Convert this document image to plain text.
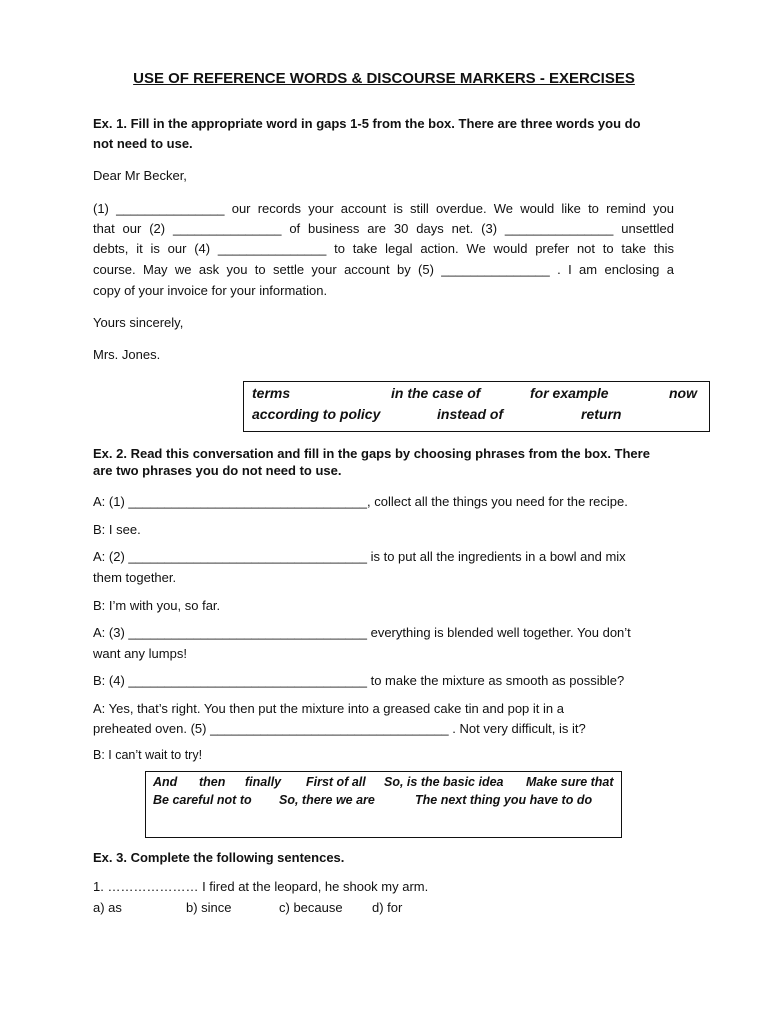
USE OF REFERENCE WORDS & DISCOURSE MARKERS - EXERCISES
Ex. 1. Fill in the appropriate word in gaps 1-5 from the box. There are three words you do
not need to use.
Dear Mr Becker,
(1) _______________ our records your account is still overdue. We would like to remind you
that our (2) _______________ of business are 30 days net. (3) _______________ unsettled
debts, it is our (4) _______________ to take legal action. We would prefer not to take this
course. May we ask you to settle your account by (5) _______________ . I am enclosing a
copy of your invoice for your information.
Yours sincerely,
Mrs. Jones.
terms	in the case of	for example	now
according to policy	instead of	return
Ex. 2. Read this conversation and fill in the gaps by choosing phrases from the box. There
are two phrases you do not need to use.
A: (1) _________________________________, collect all the things you need for the recipe.
B: I see.
A: (2) _________________________________ is to put all the ingredients in a bowl and mix
them together.
B: I’m with you, so far.
A: (3) _________________________________ everything is blended well together. You don’t
want any lumps!
B: (4) _________________________________ to make the mixture as smooth as possible?
A: Yes, that’s right. You then put the mixture into a greased cake tin and pop it in a
preheated oven. (5) _________________________________ . Not very difficult, is it?
B: I can’t wait to try!
And then finally First of all So, is the basic idea Make sure that
Be careful not to So, there we are	The next thing you have to do
Ex. 3. Complete the following sentences.
1. ………………… I fired at the leopard, he shook my arm.
a) as	b) since	c) because d) for
